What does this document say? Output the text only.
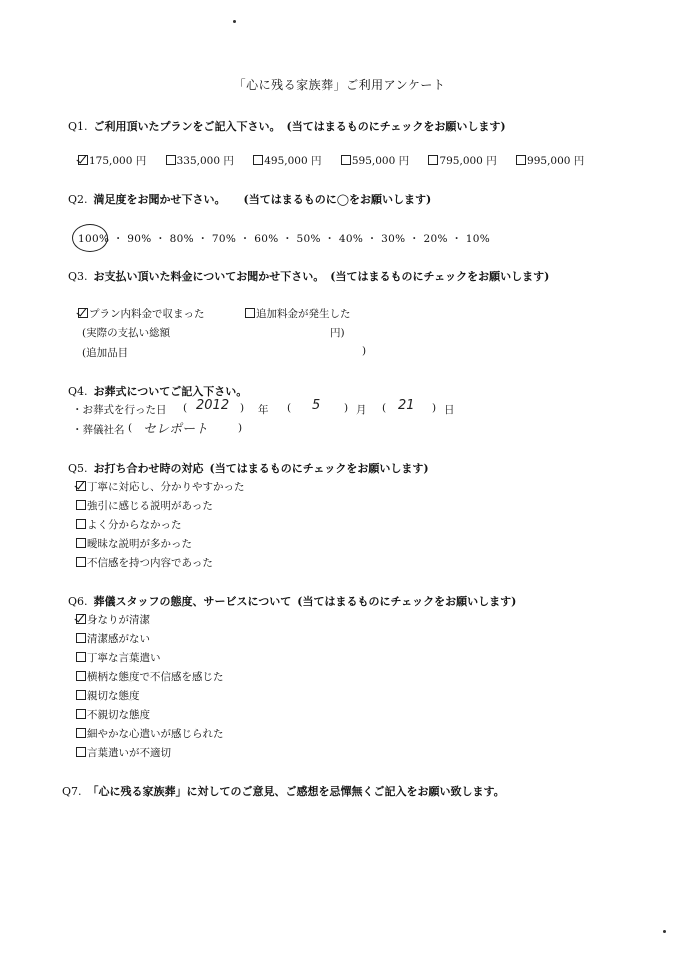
「心に残る家族葬」ご利用アンケート
Q1. ご利用頂いたプランをご記入下さい。 (当てはまるものにチェックをお願いします)
175,000 円	335,000 円	495,000 円	595,000 円	795,000 円	995,000 円
Q2. 満足度をお聞かせ下さい。 (当てはまるものに◯をお願いします)
100% ・ 90% ・ 80% ・ 70% ・ 60% ・ 50% ・ 40% ・ 30% ・ 20% ・ 10%
Q3. お支払い頂いた料金についてお聞かせ下さい。 (当てはまるものにチェックをお願いします)
プラン内料金で収まった	追加料金が発生した
(実際の支払い総額	円)
(追加品目	)
Q4. お葬式についてご記入下さい。
・お葬式を行った日 ( 2012 ) 年 ( 5 ) 月 ( 21 ) 日
・葬儀社名 ( セレポート	)
Q5. お打ち合わせ時の対応 (当てはまるものにチェックをお願いします)
丁寧に対応し、分かりやすかった
強引に感じる説明があった
よく分からなかった
曖昧な説明が多かった
不信感を持つ内容であった
Q6. 葬儀スタッフの態度、サービスについて (当てはまるものにチェックをお願いします)
身なりが清潔
清潔感がない
丁寧な言葉遣い
横柄な態度で不信感を感じた
親切な態度
不親切な態度
細やかな心遣いが感じられた
言葉遣いが不適切
Q7. 「心に残る家族葬」に対してのご意見、ご感想を忌憚無くご記入をお願い致します。
